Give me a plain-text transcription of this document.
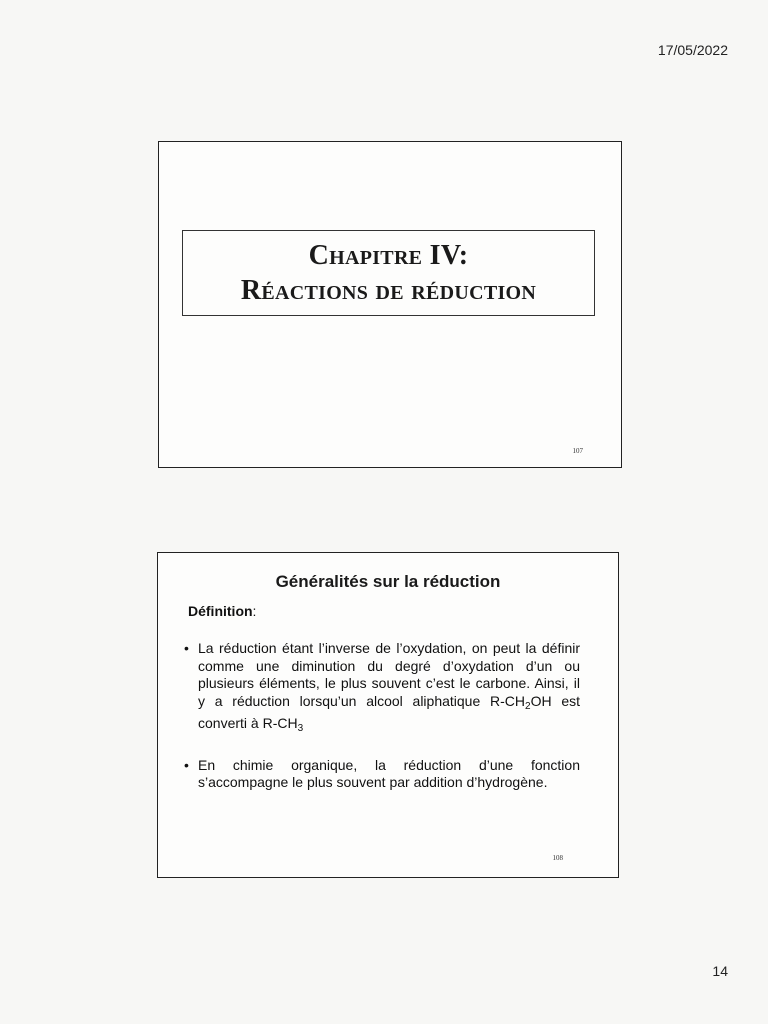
17/05/2022
Chapitre IV:
Réactions de réduction
107
Généralités sur la réduction
Définition:
• La réduction étant l’inverse de l’oxydation, on peut la définir comme une diminution du degré d’oxydation d’un ou plusieurs éléments, le plus souvent c’est le carbone. Ainsi, il y a réduction lorsqu’un alcool aliphatique $R-CH_2OH$ est converti à $R-CH_3$
• En chimie organique, la réduction d’une fonction s’accompagne le plus souvent par addition d’hydrogène.
108
14
